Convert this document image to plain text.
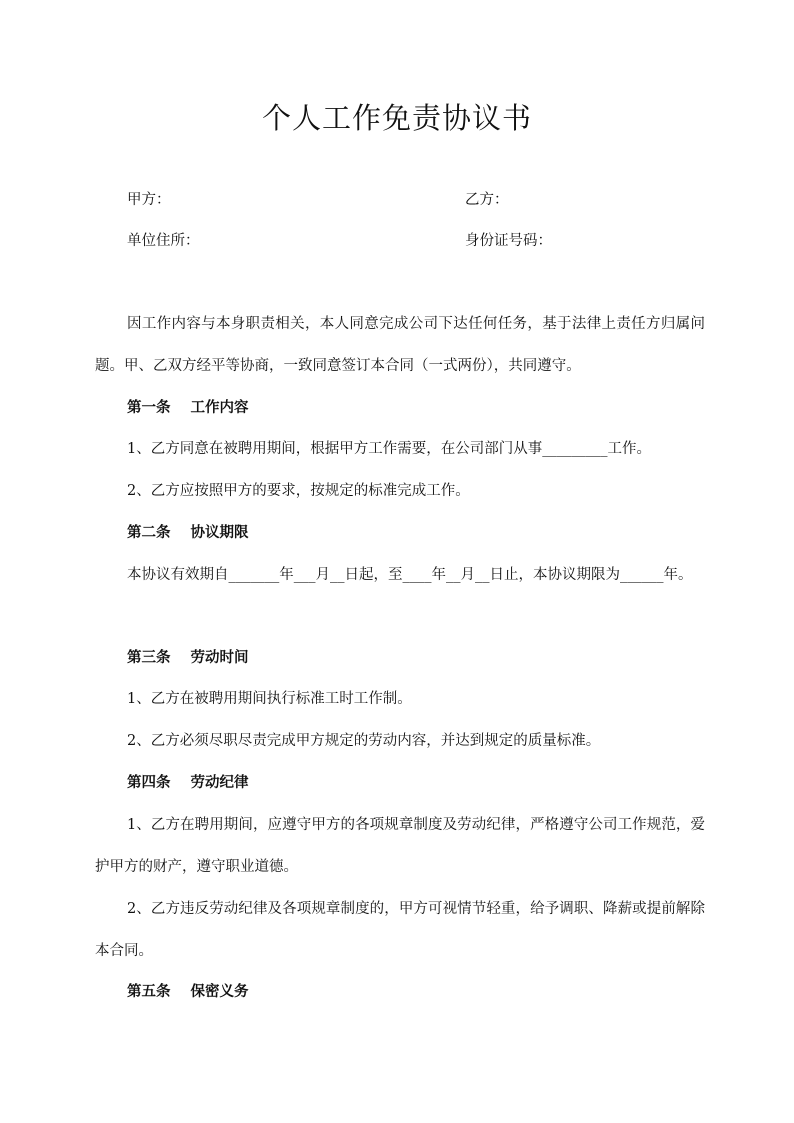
个人工作免责协议书
甲方：	乙方：
单位住所：	身份证号码：

因工作内容与本身职责相关，本人同意完成公司下达任何任务，基于法律上责任方归属问题。甲、乙双方经平等协商，一致同意签订本合同（一式两份），共同遵守。

第一条 工作内容

1、乙方同意在被聘用期间，根据甲方工作需要，在公司部门从事_________工作。

2、乙方应按照甲方的要求，按规定的标准完成工作。

第二条 协议期限

本协议有效期自_______年___月__日起，至____年__月__日止，本协议期限为______年。

第三条 劳动时间

1、乙方在被聘用期间执行标准工时工作制。

2、乙方必须尽职尽责完成甲方规定的劳动内容，并达到规定的质量标准。

第四条 劳动纪律

1、乙方在聘用期间，应遵守甲方的各项规章制度及劳动纪律，严格遵守公司工作规范，爱护甲方的财产，遵守职业道德。

2、乙方违反劳动纪律及各项规章制度的，甲方可视情节轻重，给予调职、降薪或提前解除本合同。

第五条 保密义务
